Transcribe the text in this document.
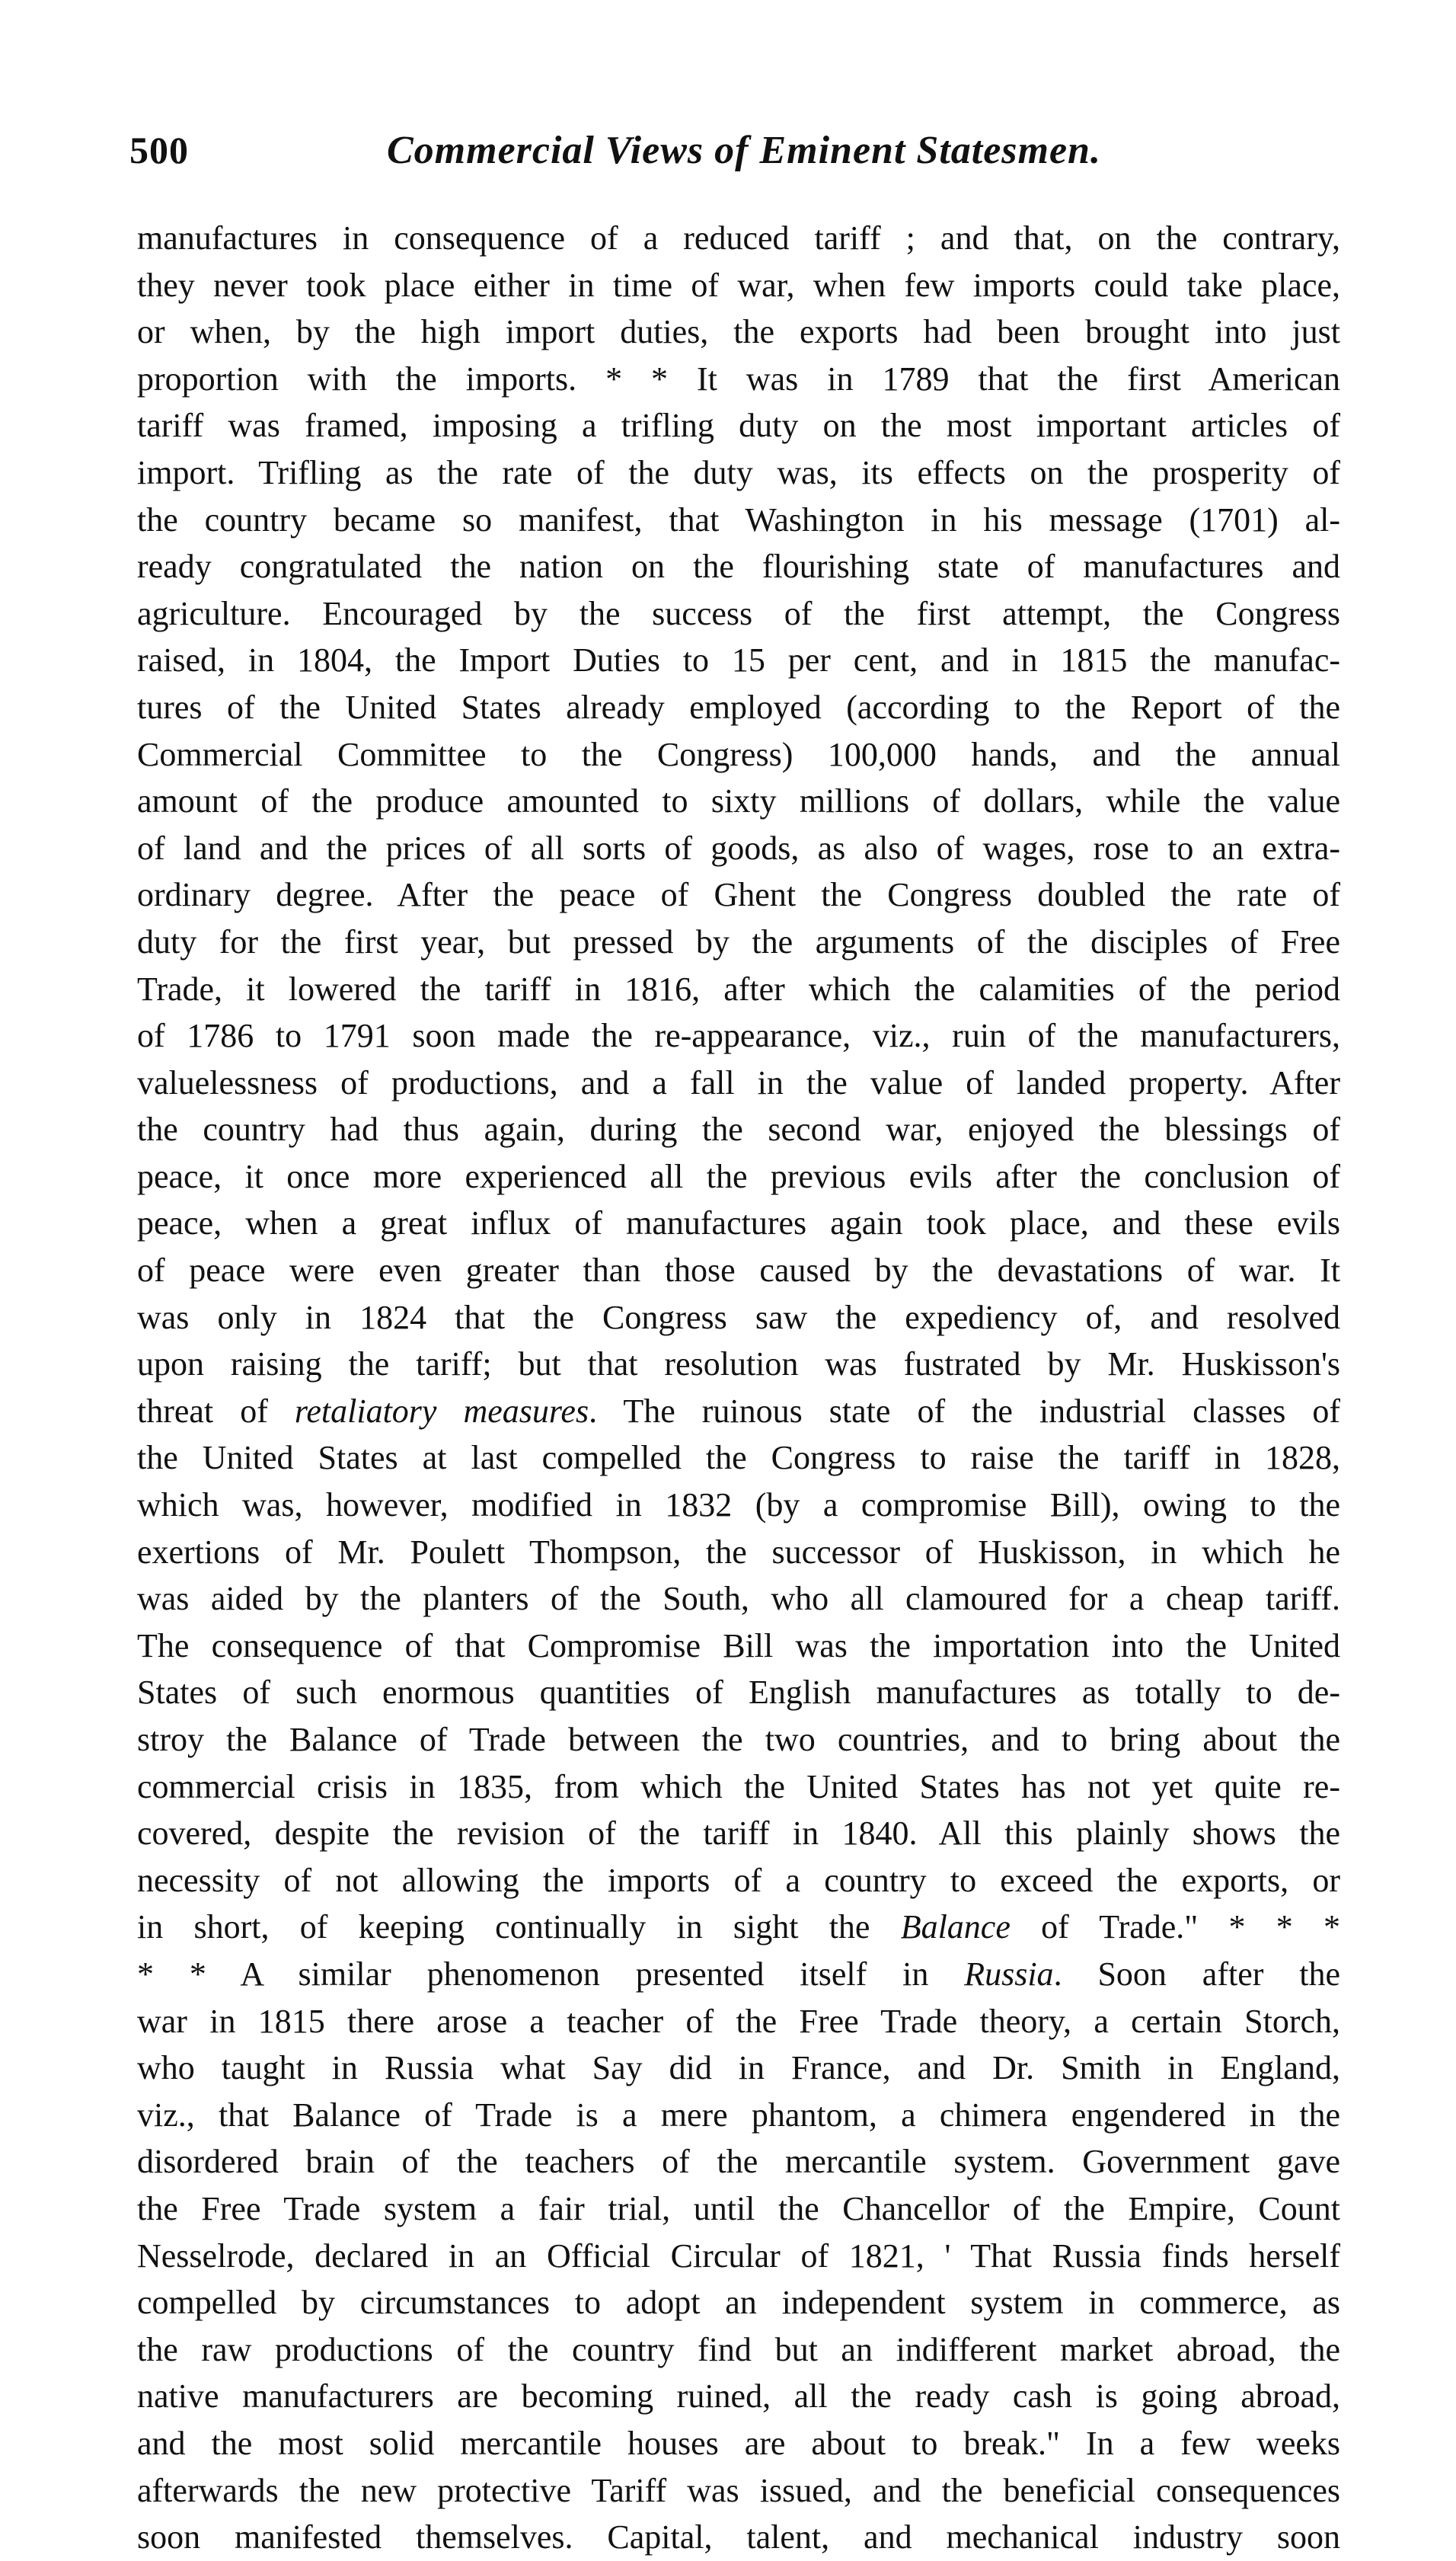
500	Commercial Views of Eminent Statesmen.
manufactures in consequence of a reduced tariff ; and that, on the contrary,
they never took place either in time of war, when few imports could take place,
or when, by the high import duties, the exports had been brought into just
proportion with the imports. * * It was in 1789 that the first American
tariff was framed, imposing a trifling duty on the most important articles of
import. Trifling as the rate of the duty was, its effects on the prosperity of
the country became so manifest, that Washington in his message (1701) al-
ready congratulated the nation on the flourishing state of manufactures and
agriculture. Encouraged by the success of the first attempt, the Congress
raised, in 1804, the Import Duties to 15 per cent, and in 1815 the manufac-
tures of the United States already employed (according to the Report of the
Commercial Committee to the Congress) 100,000 hands, and the annual
amount of the produce amounted to sixty millions of dollars, while the value
of land and the prices of all sorts of goods, as also of wages, rose to an extra-
ordinary degree. After the peace of Ghent the Congress doubled the rate of
duty for the first year, but pressed by the arguments of the disciples of Free
Trade, it lowered the tariff in 1816, after which the calamities of the period
of 1786 to 1791 soon made the re-appearance, viz., ruin of the manufacturers,
valuelessness of productions, and a fall in the value of landed property. After
the country had thus again, during the second war, enjoyed the blessings of
peace, it once more experienced all the previous evils after the conclusion of
peace, when a great influx of manufactures again took place, and these evils
of peace were even greater than those caused by the devastations of war. It
was only in 1824 that the Congress saw the expediency of, and resolved
upon raising the tariff; but that resolution was fustrated by Mr. Huskisson's
threat of retaliatory measures. The ruinous state of the industrial classes of
the United States at last compelled the Congress to raise the tariff in 1828,
which was, however, modified in 1832 (by a compromise Bill), owing to the
exertions of Mr. Poulett Thompson, the successor of Huskisson, in which he
was aided by the planters of the South, who all clamoured for a cheap tariff.
The consequence of that Compromise Bill was the importation into the United
States of such enormous quantities of English manufactures as totally to de-
stroy the Balance of Trade between the two countries, and to bring about the
commercial crisis in 1835, from which the United States has not yet quite re-
covered, despite the revision of the tariff in 1840. All this plainly shows the
necessity of not allowing the imports of a country to exceed the exports, or
in short, of keeping continually in sight the Balance of Trade." * * *
* * A similar phenomenon presented itself in Russia. Soon after the
war in 1815 there arose a teacher of the Free Trade theory, a certain Storch,
who taught in Russia what Say did in France, and Dr. Smith in England,
viz., that Balance of Trade is a mere phantom, a chimera engendered in the
disordered brain of the teachers of the mercantile system. Government gave
the Free Trade system a fair trial, until the Chancellor of the Empire, Count
Nesselrode, declared in an Official Circular of 1821, ' That Russia finds herself
compelled by circumstances to adopt an independent system in commerce, as
the raw productions of the country find but an indifferent market abroad, the
native manufacturers are becoming ruined, all the ready cash is going abroad,
and the most solid mercantile houses are about to break." In a few weeks
afterwards the new protective Tariff was issued, and the beneficial consequences
soon manifested themselves. Capital, talent, and mechanical industry soon
